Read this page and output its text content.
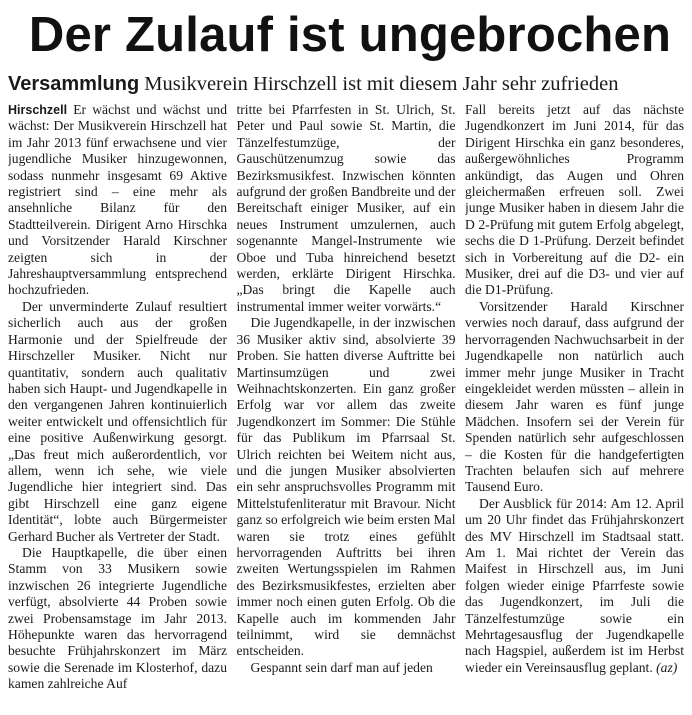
Der Zulauf ist ungebrochen
Versammlung Musikverein Hirschzell ist mit diesem Jahr sehr zufrieden

Hirschzell Er wächst und wächst und wächst: Der Musikverein Hirschzell hat im Jahr 2013 fünf erwachsene und vier jugendliche Musiker hinzugewonnen, sodass nunmehr insgesamt 69 Aktive registriert sind – eine mehr als ansehnliche Bilanz für den Stadtteilverein. Dirigent Arno Hirschka und Vorsitzender Harald Kirschner zeigten sich in der Jahreshauptversammlung entsprechend hochzufrieden.

Der unverminderte Zulauf resultiert sicherlich auch aus der großen Harmonie und der Spielfreude der Hirschzeller Musiker. Nicht nur quantitativ, sondern auch qualitativ haben sich Haupt- und Jugendkapelle in den vergangenen Jahren kontinuierlich weiter entwickelt und offensichtlich für eine positive Außenwirkung gesorgt. „Das freut mich außerordentlich, vor allem, wenn ich sehe, wie viele Jugendliche hier integriert sind. Das gibt Hirschzell eine ganz eigene Identität“, lobte auch Bürgermeister Gerhard Bucher als Vertreter der Stadt.

Die Hauptkapelle, die über einen Stamm von 33 Musikern sowie inzwischen 26 integrierte Jugendliche verfügt, absolvierte 44 Proben sowie zwei Probensamstage im Jahr 2013. Höhepunkte waren das hervorragend besuchte Frühjahrskonzert im März sowie die Serenade im Klosterhof, dazu kamen zahlreiche Auf

tritte bei Pfarrfesten in St. Ulrich, St. Peter und Paul sowie St. Martin, die Tänzelfestumzüge, der Gauschützenumzug sowie das Bezirksmusikfest. Inzwischen könnten aufgrund der großen Bandbreite und der Bereitschaft einiger Musiker, auf ein neues Instrument umzulernen, auch sogenannte Mangel-Instrumente wie Oboe und Tuba hinreichend besetzt werden, erklärte Dirigent Hirschka. „Das bringt die Kapelle auch instrumental immer weiter vorwärts.“

Die Jugendkapelle, in der inzwischen 36 Musiker aktiv sind, absolvierte 39 Proben. Sie hatten diverse Auftritte bei Martinsumzügen und zwei Weihnachtskonzerten. Ein ganz großer Erfolg war vor allem das zweite Jugendkonzert im Sommer: Die Stühle für das Publikum im Pfarrsaal St. Ulrich reichten bei Weitem nicht aus, und die jungen Musiker absolvierten ein sehr anspruchsvolles Programm mit Mittelstufenliteratur mit Bravour. Nicht ganz so erfolgreich wie beim ersten Mal waren sie trotz eines gefühlt hervorragenden Auftritts bei ihren zweiten Wertungsspielen im Rahmen des Bezirksmusikfestes, erzielten aber immer noch einen guten Erfolg. Ob die Kapelle auch im kommenden Jahr teilnimmt, wird sie demnächst entscheiden.

Gespannt sein darf man auf jeden

Fall bereits jetzt auf das nächste Jugendkonzert im Juni 2014, für das Dirigent Hirschka ein ganz besonderes, außergewöhnliches Programm ankündigt, das Augen und Ohren gleichermaßen erfreuen soll. Zwei junge Musiker haben in diesem Jahr die D 2-Prüfung mit gutem Erfolg abgelegt, sechs die D 1-Prüfung. Derzeit befindet sich in Vorbereitung auf die D2- ein Musiker, drei auf die D3- und vier auf die D1-Prüfung.

Vorsitzender Harald Kirschner verwies noch darauf, dass aufgrund der hervorragenden Nachwuchsarbeit in der Jugendkapelle non natürlich auch immer mehr junge Musiker in Tracht eingekleidet werden müssten – allein in diesem Jahr waren es fünf junge Mädchen. Insofern sei der Verein für Spenden natürlich sehr aufgeschlossen – die Kosten für die handgefertigten Trachten belaufen sich auf mehrere Tausend Euro.

Der Ausblick für 2014: Am 12. April um 20 Uhr findet das Frühjahrskonzert des MV Hirschzell im Stadtsaal statt. Am 1. Mai richtet der Verein das Maifest in Hirschzell aus, im Juni folgen wieder einige Pfarrfeste sowie das Jugendkonzert, im Juli die Tänzelfestumzüge sowie ein Mehrtagesausflug der Jugendkapelle nach Hagspiel, außerdem ist im Herbst wieder ein Vereinsausflug geplant. (az)
